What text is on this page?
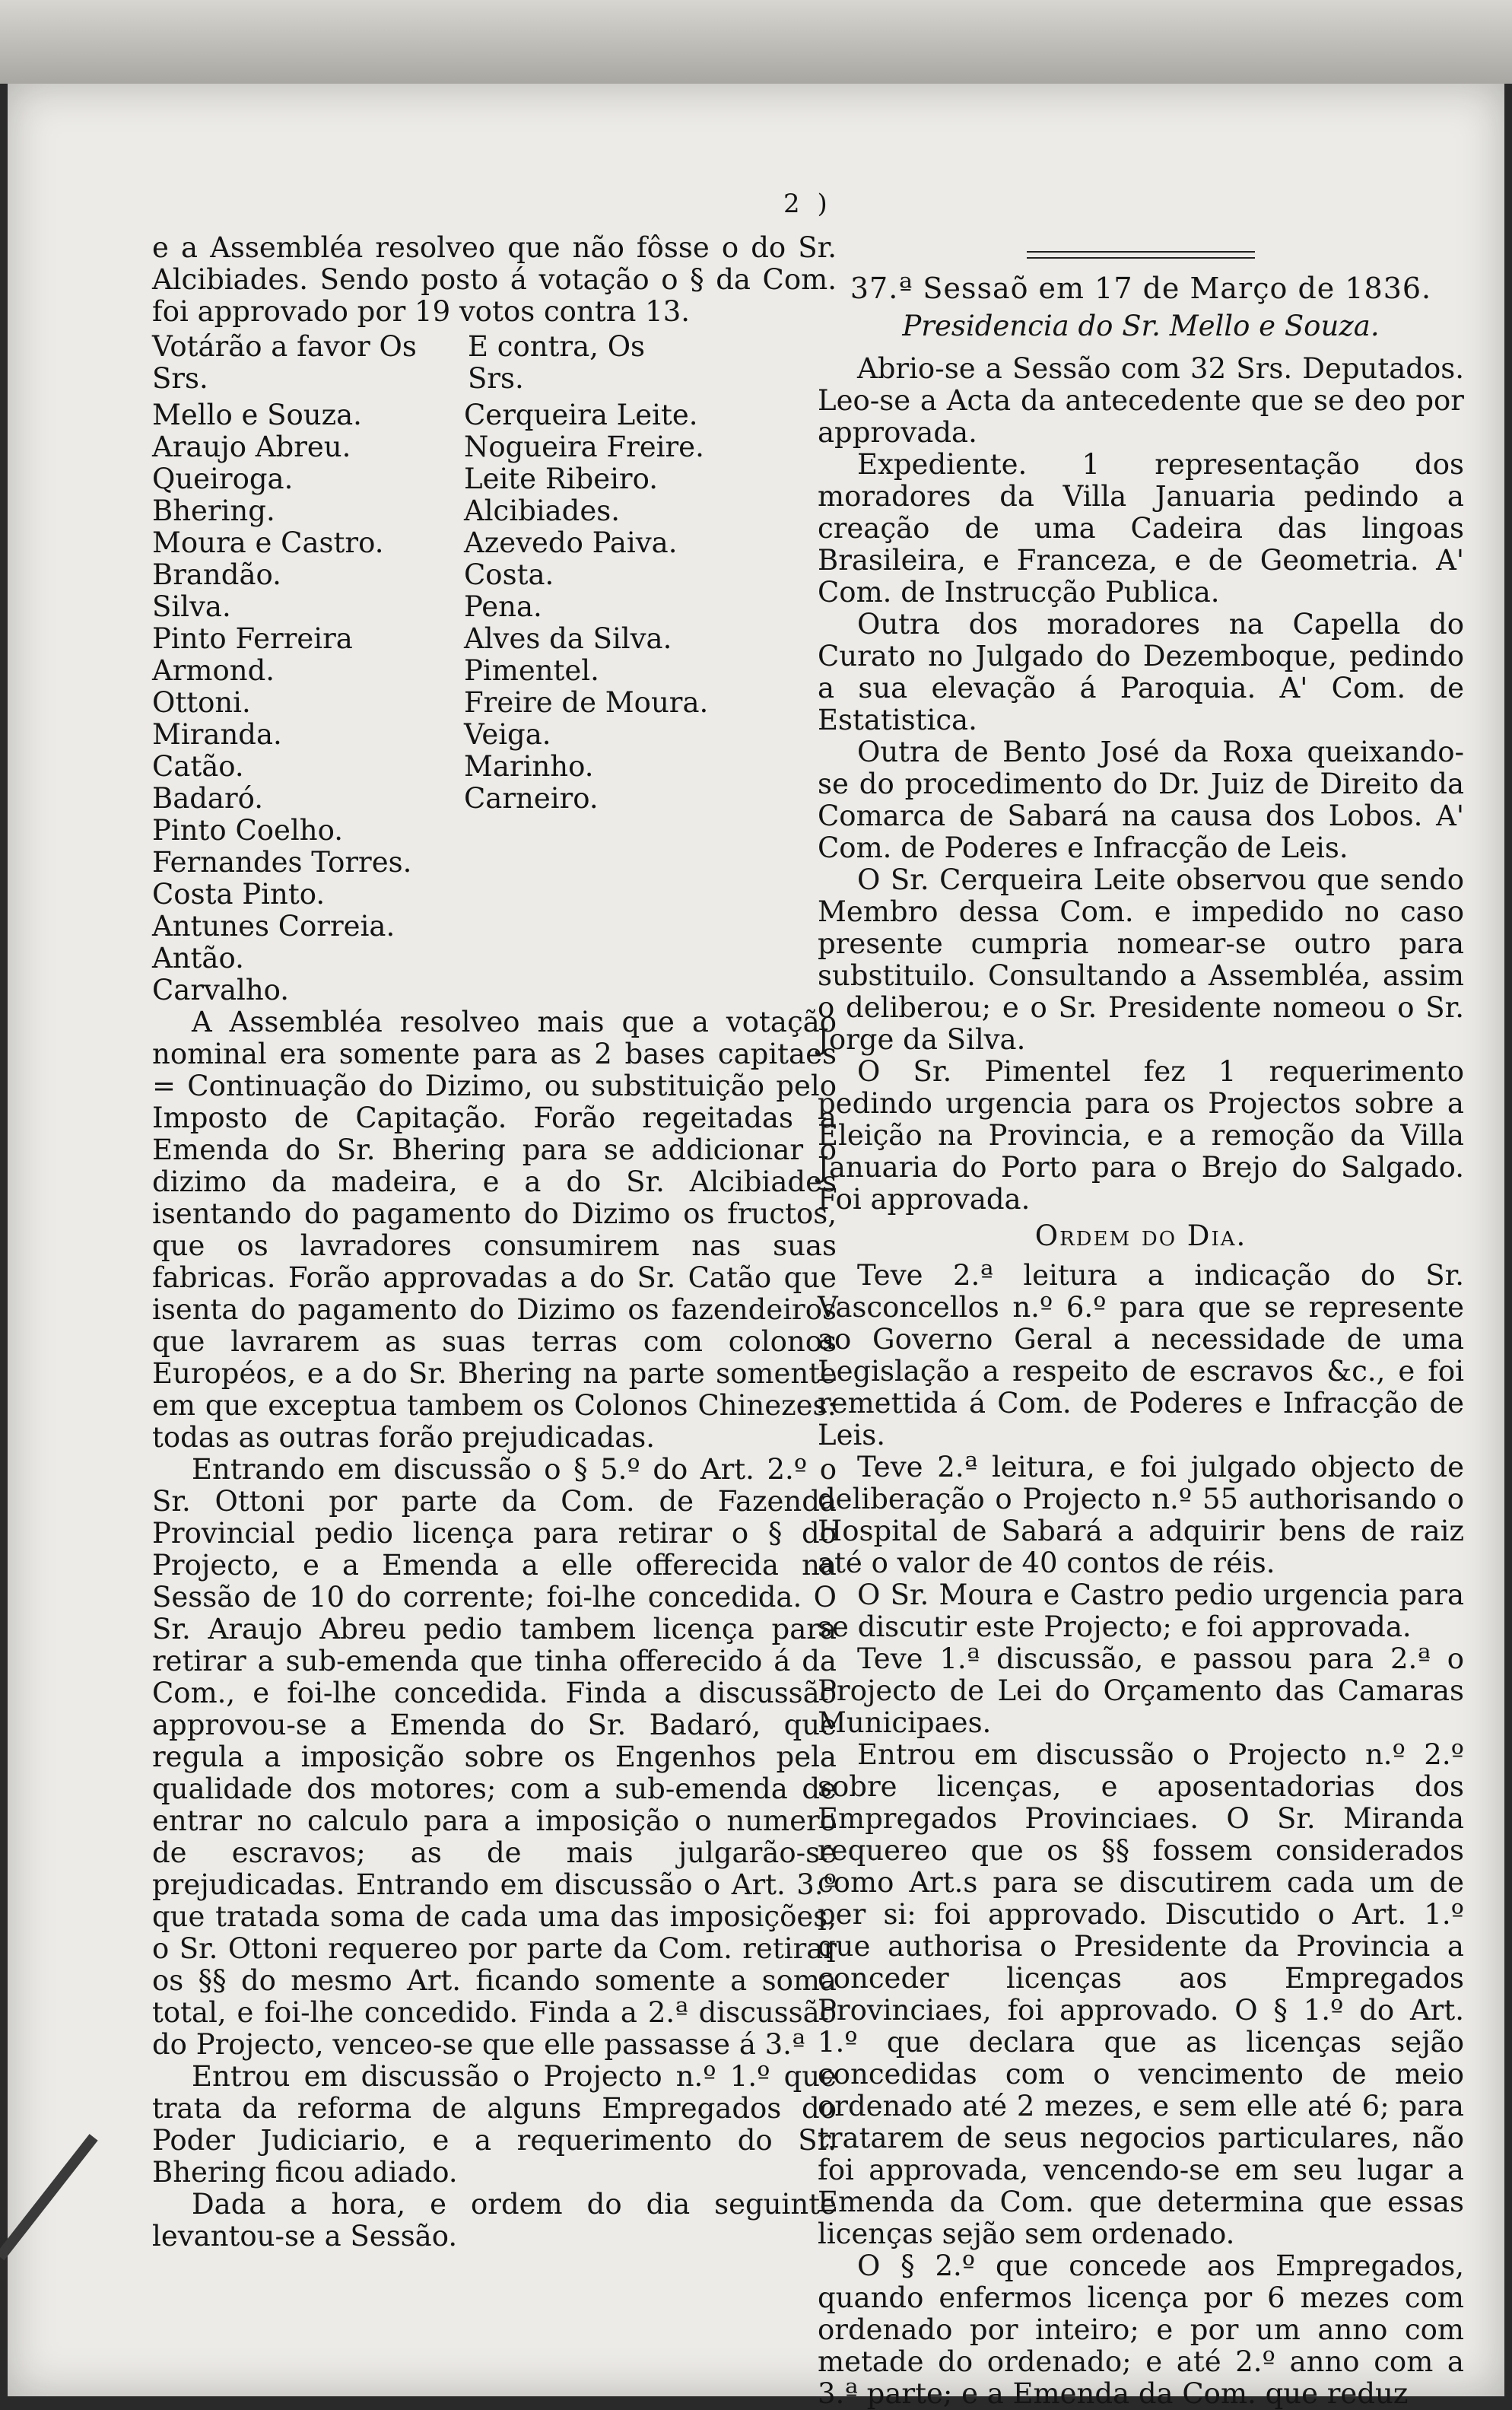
2 )

e a Assembléa resolveo que não fôsse o do Sr. Alcibiades. Sendo posto á votação o § da Com. foi approvado por 19 votos contra 13.

Votárão a favor Os Srs.
E contra, Os Srs.
Mello e Souza.
Araujo Abreu.
Queiroga.
Bhering.
Moura e Castro.
Brandão.
Silva.
Pinto Ferreira
Armond.
Ottoni.
Miranda.
Catão.
Badaró.
Pinto Coelho.
Fernandes Torres.
Costa Pinto.
Antunes Correia.
Antão.
Carvalho.
Cerqueira Leite.
Nogueira Freire.
Leite Ribeiro.
Alcibiades.
Azevedo Paiva.
Costa.
Pena.
Alves da Silva.
Pimentel.
Freire de Moura.
Veiga.
Marinho.
Carneiro.

A Assembléa resolveo mais que a votação nominal era somente para as 2 bases capitaes = Continuação do Dizimo, ou substituição pelo Imposto de Capitação. Forão regeitadas a Emenda do Sr. Bhering para se addicionar o dizimo da madeira, e a do Sr. Alcibiades isentando do pagamento do Dizimo os fructos, que os lavradores consumirem nas suas fabricas. Forão approvadas a do Sr. Catão que isenta do pagamento do Dizimo os fazendeiros que lavrarem as suas terras com colonos Européos, e a do Sr. Bhering na parte somente em que exceptua tambem os Colonos Chinezes: todas as outras forão prejudicadas.

Entrando em discussão o § 5.º do Art. 2.º o Sr. Ottoni por parte da Com. de Fazenda Provincial pedio licença para retirar o § do Projecto, e a Emenda a elle offerecida na Sessão de 10 do corrente; foi-lhe concedida. O Sr. Araujo Abreu pedio tambem licença para retirar a sub-emenda que tinha offerecido á da Com., e foi-lhe concedida. Finda a discussão approvou-se a Emenda do Sr. Badaró, que regula a imposição sobre os Engenhos pela qualidade dos motores; com a sub-emenda de entrar no calculo para a imposição o numero de escravos; as de mais julgarão-se prejudicadas. Entrando em discussão o Art. 3.º que tratada soma de cada uma das imposições, o Sr. Ottoni requereo por parte da Com. retirar os §§ do mesmo Art. ficando somente a soma total, e foi-lhe concedido. Finda a 2.ª discussão do Projecto, venceo-se que elle passasse á 3.ª

Entrou em discussão o Projecto n.º 1.º que trata da reforma de alguns Empregados do Poder Judiciario, e a requerimento do Sr. Bhering ficou adiado.

Dada a hora, e ordem do dia seguinte levantou-se a Sessão.

37.ª Sessaõ em 17 de Março de 1836.
Presidencia do Sr. Mello e Souza.

Abrio-se a Sessão com 32 Srs. Deputados. Leo-se a Acta da antecedente que se deo por approvada.

Expediente. 1 representação dos moradores da Villa Januaria pedindo a creação de uma Cadeira das lingoas Brasileira, e Franceza, e de Geometria. A' Com. de Instrucção Publica.

Outra dos moradores na Capella do Curato no Julgado do Dezemboque, pedindo a sua elevação á Paroquia. A' Com. de Estatistica.

Outra de Bento José da Roxa queixando-se do procedimento do Dr. Juiz de Direito da Comarca de Sabará na causa dos Lobos. A' Com. de Poderes e Infracção de Leis.

O Sr. Cerqueira Leite observou que sendo Membro dessa Com. e impedido no caso presente cumpria nomear-se outro para substituilo. Consultando a Assembléa, assim o deliberou; e o Sr. Presidente nomeou o Sr. Jorge da Silva.

O Sr. Pimentel fez 1 requerimento pedindo urgencia para os Projectos sobre a Eleição na Provincia, e a remoção da Villa Januaria do Porto para o Brejo do Salgado. Foi approvada.

Ordem do Dia.

Teve 2.ª leitura a indicação do Sr. Vasconcellos n.º 6.º para que se represente ao Governo Geral a necessidade de uma Legislação a respeito de escravos &c., e foi remettida á Com. de Poderes e Infracção de Leis.

Teve 2.ª leitura, e foi julgado objecto de deliberação o Projecto n.º 55 authorisando o Hospital de Sabará a adquirir bens de raiz até o valor de 40 contos de réis.

O Sr. Moura e Castro pedio urgencia para se discutir este Projecto; e foi approvada.

Teve 1.ª discussão, e passou para 2.ª o Projecto de Lei do Orçamento das Camaras Municipaes.

Entrou em discussão o Projecto n.º 2.º sobre licenças, e aposentadorias dos Empregados Provinciaes. O Sr. Miranda requereo que os §§ fossem considerados como Art.s para se discutirem cada um de per si: foi approvado. Discutido o Art. 1.º que authorisa o Presidente da Provincia a conceder licenças aos Empregados Provinciaes, foi approvado. O § 1.º do Art. 1.º que declara que as licenças sejão concedidas com o vencimento de meio ordenado até 2 mezes, e sem elle até 6; para tratarem de seus negocios particulares, não foi approvada, vencendo-se em seu lugar a Emenda da Com. que determina que essas licenças sejão sem ordenado.

O § 2.º que concede aos Empregados, quando enfermos licença por 6 mezes com ordenado por inteiro; e por um anno com metade do ordenado; e até 2.º anno com a 3.ª parte; e a Emenda da Com. que reduz
